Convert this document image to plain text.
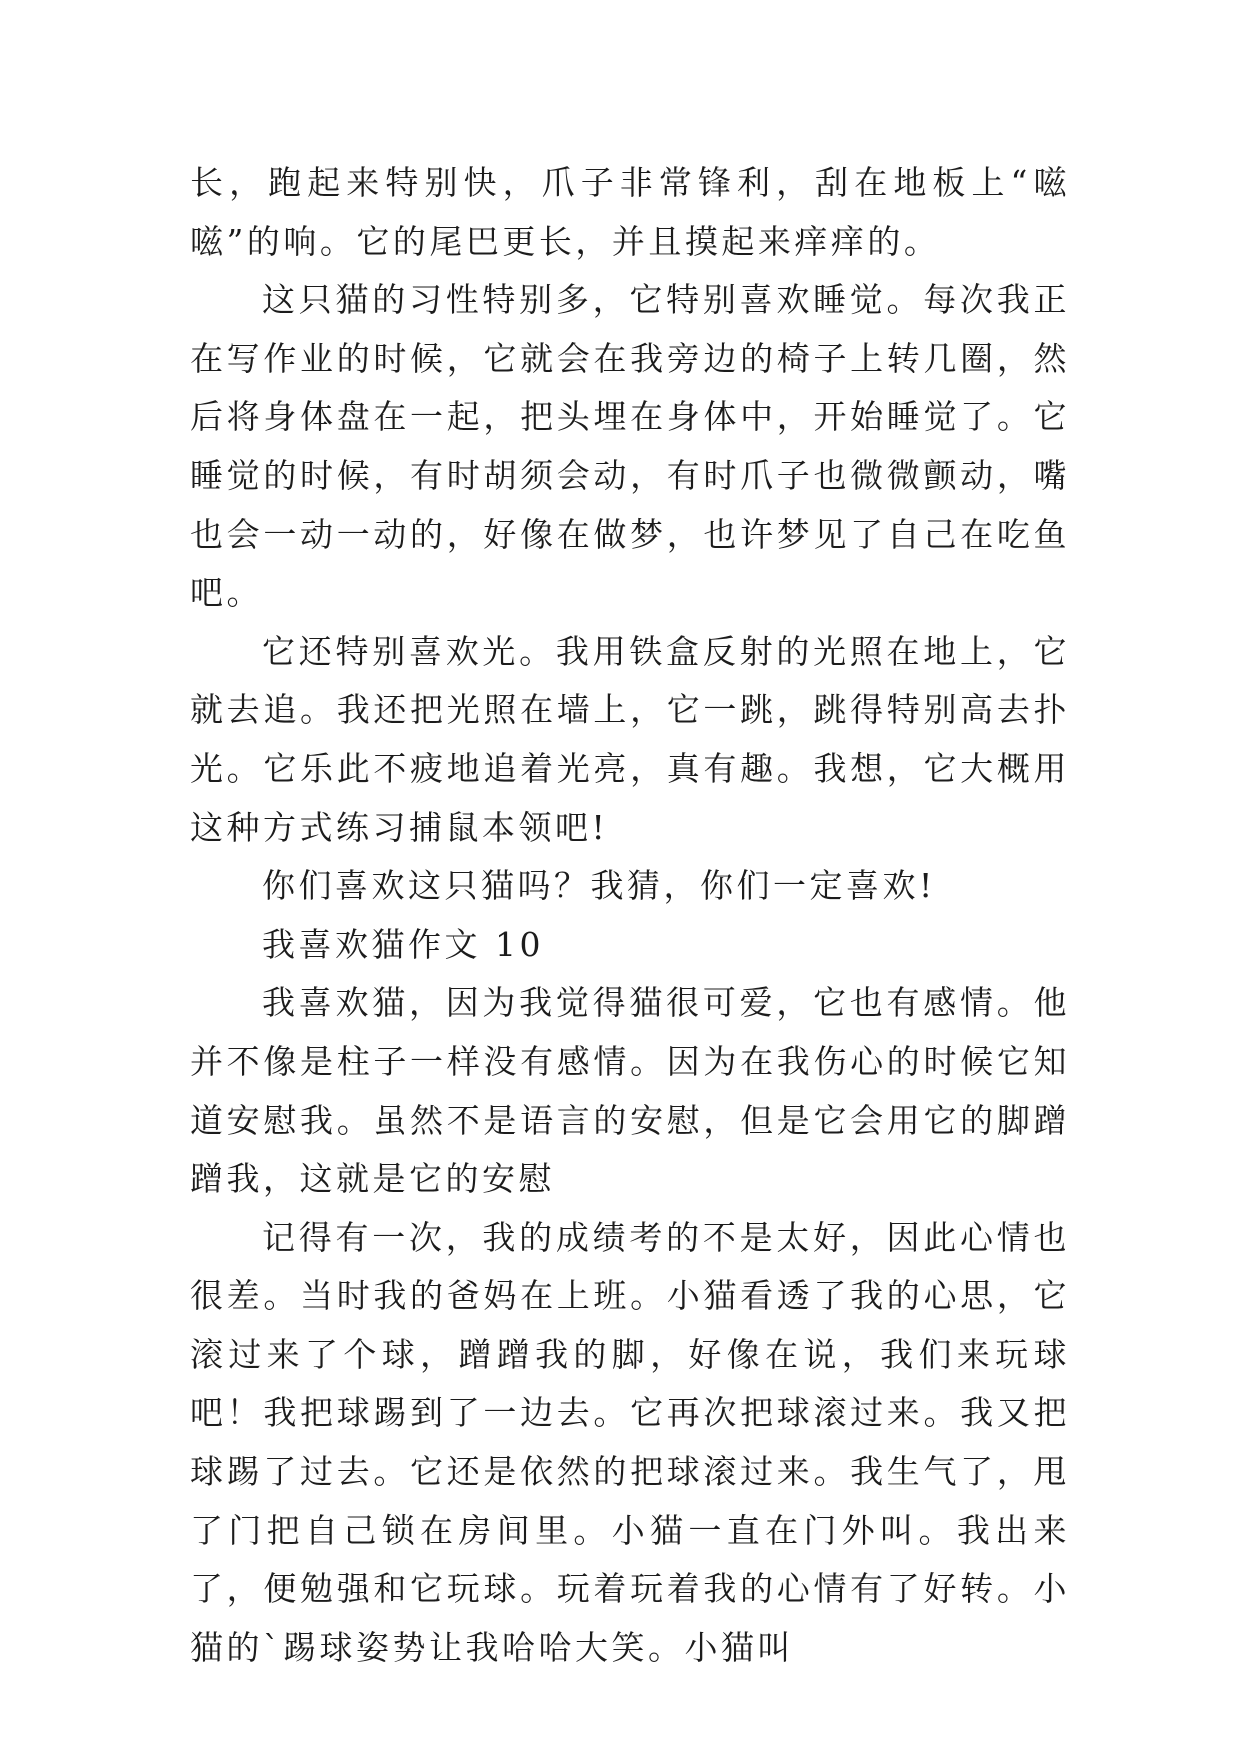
长，跑起来特别快，爪子非常锋利，刮在地板上“嗞嗞”的响。它的尾巴更长，并且摸起来痒痒的。

这只猫的习性特别多，它特别喜欢睡觉。每次我正在写作业的时候，它就会在我旁边的椅子上转几圈，然后将身体盘在一起，把头埋在身体中，开始睡觉了。它睡觉的时候，有时胡须会动，有时爪子也微微颤动，嘴也会一动一动的，好像在做梦，也许梦见了自己在吃鱼吧。

它还特别喜欢光。我用铁盒反射的光照在地上，它就去追。我还把光照在墙上，它一跳，跳得特别高去扑光。它乐此不疲地追着光亮，真有趣。我想，它大概用这种方式练习捕鼠本领吧!

你们喜欢这只猫吗？我猜，你们一定喜欢!

我喜欢猫作文 10

我喜欢猫，因为我觉得猫很可爱，它也有感情。他并不像是柱子一样没有感情。因为在我伤心的时候它知道安慰我。虽然不是语言的安慰，但是它会用它的脚蹭蹭我，这就是它的安慰

记得有一次，我的成绩考的不是太好，因此心情也很差。当时我的爸妈在上班。小猫看透了我的心思，它滚过来了个球，蹭蹭我的脚，好像在说，我们来玩球吧！我把球踢到了一边去。它再次把球滚过来。我又把球踢了过去。它还是依然的把球滚过来。我生气了，甩了门把自己锁在房间里。小猫一直在门外叫。我出来了，便勉强和它玩球。玩着玩着我的心情有了好转。小猫的`踢球姿势让我哈哈大笑。小猫叫
